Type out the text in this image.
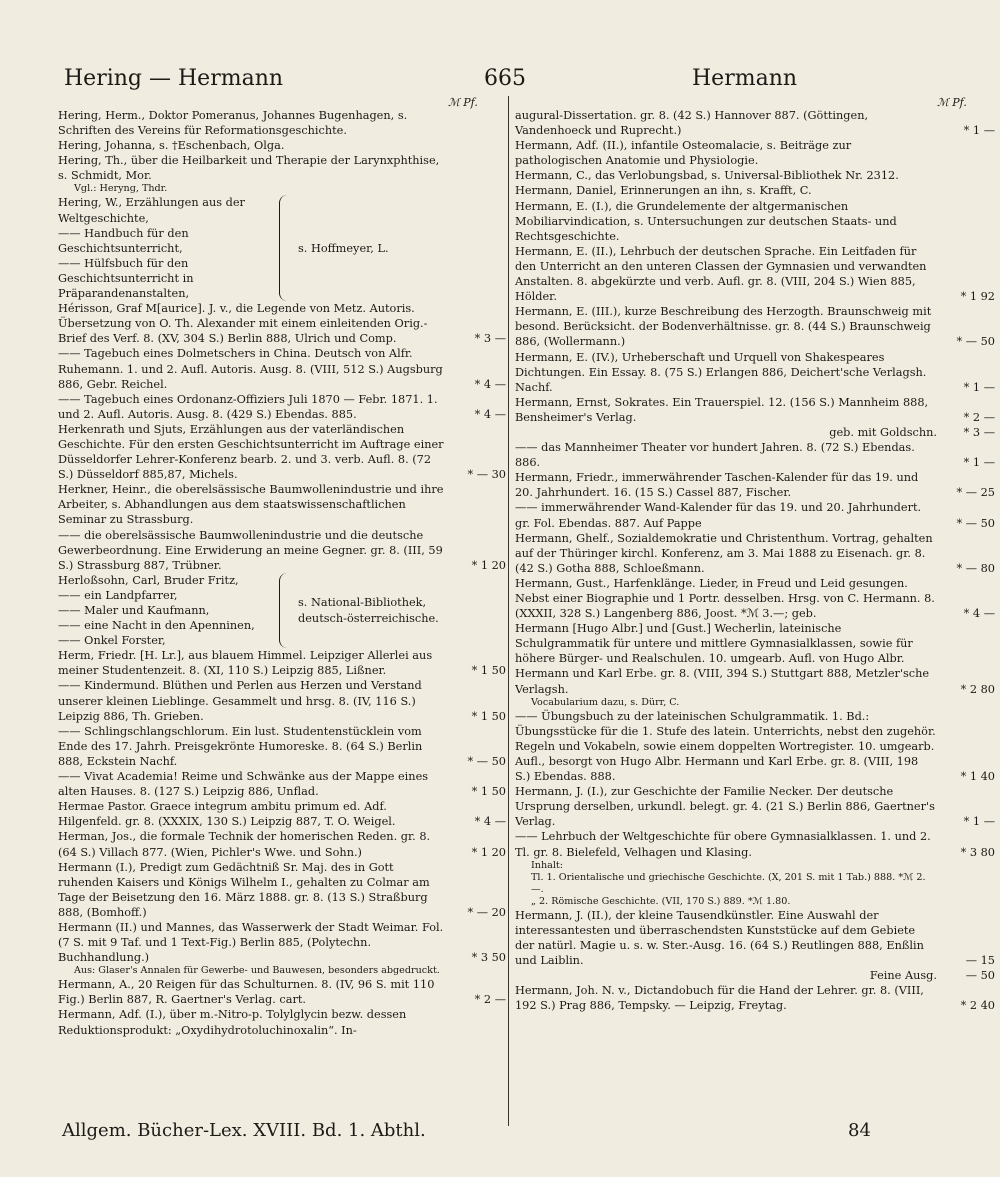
Hering — Hermann	665	Hermann
ℳ Pf.	ℳ Pf.
Hering, Herm., Doktor Pomeranus, Johannes Bugenhagen, s. Schriften des Vereins für Reformationsgeschichte.
Hering, Johanna, s. †Eschenbach, Olga.
Hering, Th., über die Heilbarkeit und Therapie der Larynxphthise, s. Schmidt, Mor.
Vgl.: Heryng, Thdr.
Hering, W., Erzählungen aus der Weltgeschichte,
—— Handbuch für den Geschichtsunterricht,
—— Hülfsbuch für den Geschichtsunterricht in Präparandenanstalten,
s. Hoffmeyer, L.
Hérisson, Graf M[aurice]. J. v., die Legende von Metz. Autoris. Übersetzung von O. Th. Alexander mit einem einleitenden Orig.-Brief des Verf. 8. (XV, 304 S.) Berlin 888, Ulrich und Comp.	* 3 —
—— Tagebuch eines Dolmetschers in China. Deutsch von Alfr. Ruhemann. 1. und 2. Aufl. Autoris. Ausg. 8. (VIII, 512 S.) Augsburg 886, Gebr. Reichel.	* 4 —
—— Tagebuch eines Ordonanz-Offiziers Juli 1870 — Febr. 1871. 1. und 2. Aufl. Autoris. Ausg. 8. (429 S.) Ebendas. 885.	* 4 —
Herkenrath und Sjuts, Erzählungen aus der vaterländischen Geschichte. Für den ersten Geschichtsunterricht im Auftrage einer Düsseldorfer Lehrer-Konferenz bearb. 2. und 3. verb. Aufl. 8. (72 S.) Düsseldorf 885,87, Michels.	* — 30
Herkner, Heinr., die oberelsässische Baumwollenindustrie und ihre Arbeiter, s. Abhandlungen aus dem staatswissenschaftlichen Seminar zu Strassburg.
—— die oberelsässische Baumwollenindustrie und die deutsche Gewerbeordnung. Eine Erwiderung an meine Gegner. gr. 8. (III, 59 S.) Strassburg 887, Trübner.	* 1 20
Herloßsohn, Carl, Bruder Fritz,
—— ein Landpfarrer,
—— Maler und Kaufmann,
—— eine Nacht in den Apenninen,
—— Onkel Forster,
s. National-Bibliothek, deutsch-österreichische.
Herm, Friedr. [H. Lr.], aus blauem Himmel. Leipziger Allerlei aus meiner Studentenzeit. 8. (XI, 110 S.) Leipzig 885, Lißner.	* 1 50
—— Kindermund. Blüthen und Perlen aus Herzen und Verstand unserer kleinen Lieblinge. Gesammelt und hrsg. 8. (IV, 116 S.) Leipzig 886, Th. Grieben.	* 1 50
—— Schlingschlangschlorum. Ein lust. Studentenstücklein vom Ende des 17. Jahrh. Preisgekrönte Humoreske. 8. (64 S.) Berlin 888, Eckstein Nachf.	* — 50
—— Vivat Academia! Reime und Schwänke aus der Mappe eines alten Hauses. 8. (127 S.) Leipzig 886, Unflad.	* 1 50
Hermae Pastor. Graece integrum ambitu primum ed. Adf. Hilgenfeld. gr. 8. (XXXIX, 130 S.) Leipzig 887, T. O. Weigel.	* 4 —
Herman, Jos., die formale Technik der homerischen Reden. gr. 8. (64 S.) Villach 877. (Wien, Pichler's Wwe. und Sohn.)	* 1 20
Hermann (I.), Predigt zum Gedächtniß Sr. Maj. des in Gott ruhenden Kaisers und Königs Wilhelm I., gehalten zu Colmar am Tage der Beisetzung den 16. März 1888. gr. 8. (13 S.) Straßburg 888, (Bomhoff.)	* — 20
Hermann (II.) und Mannes, das Wasserwerk der Stadt Weimar. Fol. (7 S. mit 9 Taf. und 1 Text-Fig.) Berlin 885, (Polytechn. Buchhandlung.)	* 3 50
Aus: Glaser's Annalen für Gewerbe- und Bauwesen, besonders abgedruckt.
Hermann, A., 20 Reigen für das Schulturnen. 8. (IV, 96 S. mit 110 Fig.) Berlin 887, R. Gaertner's Verlag. cart.	* 2 —
Hermann, Adf. (I.), über m.-Nitro-p. Tolylglycin bezw. dessen Reduktionsprodukt: „Oxydihydrotoluchinoxalin“. In-
augural-Dissertation. gr. 8. (42 S.) Hannover 887. (Göttingen, Vandenhoeck und Ruprecht.)	* 1 —
Hermann, Adf. (II.), infantile Osteomalacie, s. Beiträge zur pathologischen Anatomie und Physiologie.
Hermann, C., das Verlobungsbad, s. Universal-Bibliothek Nr. 2312.
Hermann, Daniel, Erinnerungen an ihn, s. Krafft, C.
Hermann, E. (I.), die Grundelemente der altgermanischen Mobiliarvindication, s. Untersuchungen zur deutschen Staats- und Rechtsgeschichte.
Hermann, E. (II.), Lehrbuch der deutschen Sprache. Ein Leitfaden für den Unterricht an den unteren Classen der Gymnasien und verwandten Anstalten. 8. abgekürzte und verb. Aufl. gr. 8. (VIII, 204 S.) Wien 885, Hölder.	* 1 92
Hermann, E. (III.), kurze Beschreibung des Herzogth. Braunschweig mit besond. Berücksicht. der Bodenverhältnisse. gr. 8. (44 S.) Braunschweig 886, (Wollermann.)	* — 50
Hermann, E. (IV.), Urheberschaft und Urquell von Shakespeares Dichtungen. Ein Essay. 8. (75 S.) Erlangen 886, Deichert'sche Verlagsh. Nachf.	* 1 —
Hermann, Ernst, Sokrates. Ein Trauerspiel. 12. (156 S.) Mannheim 888, Bensheimer's Verlag.	* 2 —
geb. mit Goldschn.	* 3 —
—— das Mannheimer Theater vor hundert Jahren. 8. (72 S.) Ebendas. 886.	* 1 —
Hermann, Friedr., immerwährender Taschen-Kalender für das 19. und 20. Jahrhundert. 16. (15 S.) Cassel 887, Fischer.	* — 25
—— immerwährender Wand-Kalender für das 19. und 20. Jahrhundert. gr. Fol. Ebendas. 887. Auf Pappe	* — 50
Hermann, Ghelf., Sozialdemokratie und Christenthum. Vortrag, gehalten auf der Thüringer kirchl. Konferenz, am 3. Mai 1888 zu Eisenach. gr. 8. (42 S.) Gotha 888, Schloeßmann.	* — 80
Hermann, Gust., Harfenklänge. Lieder, in Freud und Leid gesungen. Nebst einer Biographie und 1 Portr. desselben. Hrsg. von C. Hermann. 8. (XXXII, 328 S.) Langenberg 886, Joost. *ℳ 3.—; geb.	* 4 —
Hermann [Hugo Albr.] und [Gust.] Wecherlin, lateinische Schulgrammatik für untere und mittlere Gymnasialklassen, sowie für höhere Bürger- und Realschulen. 10. umgearb. Aufl. von Hugo Albr. Hermann und Karl Erbe. gr. 8. (VIII, 394 S.) Stuttgart 888, Metzler'sche Verlagsh.	* 2 80
Vocabularium dazu, s. Dürr, C.
—— Übungsbuch zu der lateinischen Schulgrammatik. 1. Bd.: Übungsstücke für die 1. Stufe des latein. Unterrichts, nebst den zugehör. Regeln und Vokabeln, sowie einem doppelten Wortregister. 10. umgearb. Aufl., besorgt von Hugo Albr. Hermann und Karl Erbe. gr. 8. (VIII, 198 S.) Ebendas. 888.	* 1 40
Hermann, J. (I.), zur Geschichte der Familie Necker. Der deutsche Ursprung derselben, urkundl. belegt. gr. 4. (21 S.) Berlin 886, Gaertner's Verlag.	* 1 —
—— Lehrbuch der Weltgeschichte für obere Gymnasialklassen. 1. und 2. Tl. gr. 8. Bielefeld, Velhagen und Klasing.	* 3 80
Inhalt:
Tl. 1. Orientalische und griechische Geschichte. (X, 201 S. mit 1 Tab.) 888. *ℳ 2.—.
„ 2. Römische Geschichte. (VII, 170 S.) 889. *ℳ 1.80.
Hermann, J. (II.), der kleine Tausendkünstler. Eine Auswahl der interessantesten und überraschendsten Kunststücke auf dem Gebiete der natürl. Magie u. s. w. Ster.-Ausg. 16. (64 S.) Reutlingen 888, Enßlin und Laiblin.	— 15
Feine Ausg.	— 50
Hermann, Joh. N. v., Dictandobuch für die Hand der Lehrer. gr. 8. (VIII, 192 S.) Prag 886, Tempsky. — Leipzig, Freytag.	* 2 40
Allgem. Bücher-Lex. XVIII. Bd. 1. Abthl.	84
